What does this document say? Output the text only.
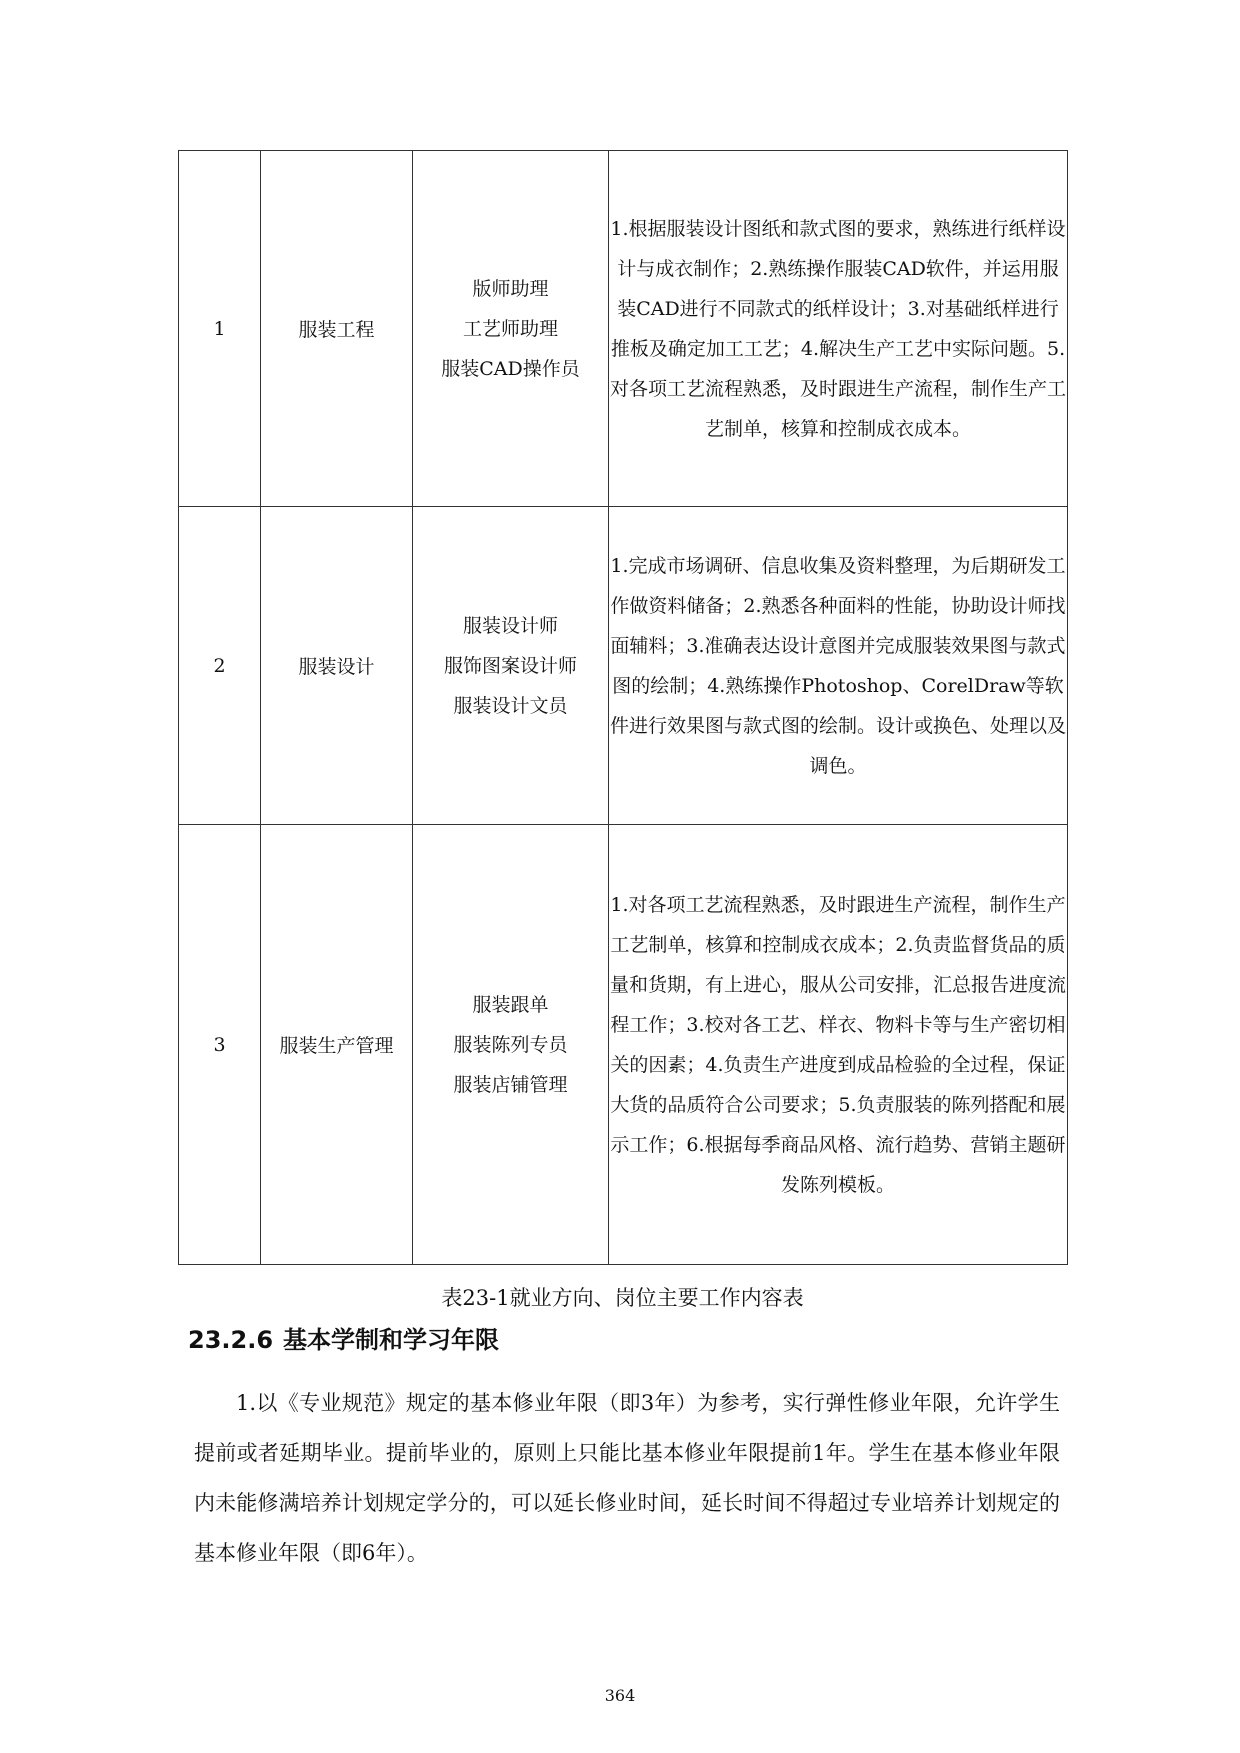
1	服装工程	版师助理
工艺师助理
服装CAD操作员	1.根据服装设计图纸和款式图的要求，熟练进行纸样设计与成衣制作；2.熟练操作服装CAD软件，并运用服装CAD进行不同款式的纸样设计；3.对基础纸样进行推板及确定加工工艺；4.解决生产工艺中实际问题。5.对各项工艺流程熟悉，及时跟进生产流程，制作生产工艺制单，核算和控制成衣成本。
2	服装设计	服装设计师
服饰图案设计师
服装设计文员	1.完成市场调研、信息收集及资料整理，为后期研发工作做资料储备；2.熟悉各种面料的性能，协助设计师找面辅料；3.准确表达设计意图并完成服装效果图与款式图的绘制；4.熟练操作Photoshop、CorelDraw等软件进行效果图与款式图的绘制。设计或换色、处理以及调色。
3	服装生产管理	服装跟单
服装陈列专员
服装店铺管理	1.对各项工艺流程熟悉，及时跟进生产流程，制作生产工艺制单，核算和控制成衣成本；2.负责监督货品的质量和货期，有上进心，服从公司安排，汇总报告进度流程工作；3.校对各工艺、样衣、物料卡等与生产密切相关的因素；4.负责生产进度到成品检验的全过程，保证大货的品质符合公司要求；5.负责服装的陈列搭配和展示工作；6.根据每季商品风格、流行趋势、营销主题研发陈列模板。
表23-1就业方向、岗位主要工作内容表
23.2.6 基本学制和学习年限

1.以《专业规范》规定的基本修业年限（即3年）为参考，实行弹性修业年限，允许学生提前或者延期毕业。提前毕业的，原则上只能比基本修业年限提前1年。学生在基本修业年限内未能修满培养计划规定学分的，可以延长修业时间，延长时间不得超过专业培养计划规定的基本修业年限（即6年）。

364
